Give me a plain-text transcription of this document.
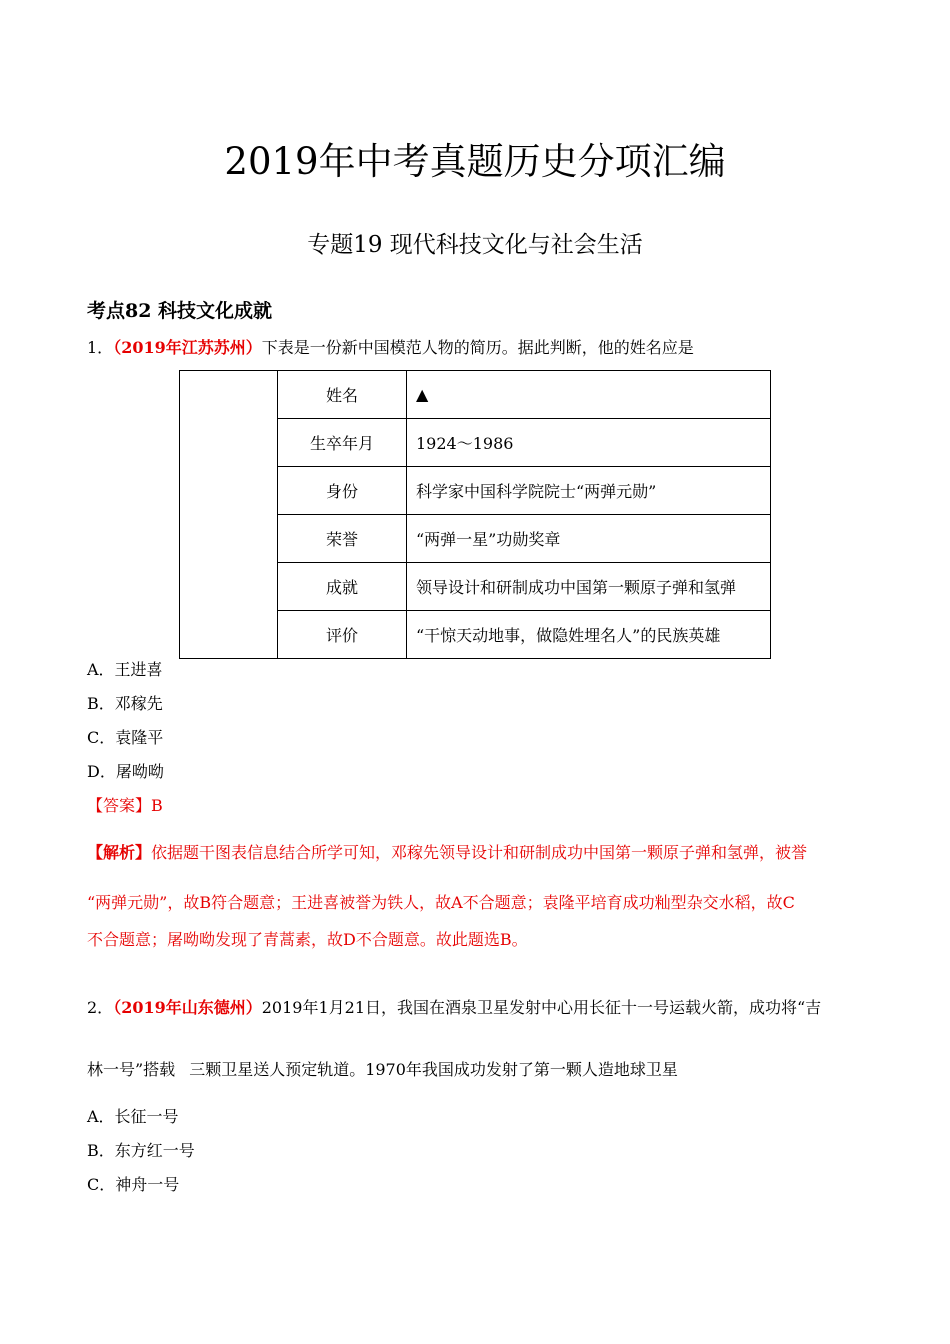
2019年中考真题历史分项汇编
专题19 现代科技文化与社会生活
考点82 科技文化成就
1．（2019年江苏苏州）下表是一份新中国模范人物的简历。据此判断，他的姓名应是
	姓名	▲
	生卒年月	1924～1986
	身份	科学家中国科学院院士“两弹元勋”
	荣誉	“两弹一星”功勋奖章
	成就	领导设计和研制成功中国第一颗原子弹和氢弹
	评价	“干惊天动地事，做隐姓埋名人”的民族英雄
A．王进喜
B．邓稼先
C．袁隆平
D．屠呦呦
【答案】B
【解析】依据题干图表信息结合所学可知，邓稼先领导设计和研制成功中国第一颗原子弹和氢弹，被誉
“两弹元勋”，故B符合题意；王进喜被誉为铁人，故A不合题意；袁隆平培育成功籼型杂交水稻，故C
不合题意；屠呦呦发现了青蒿素，故D不合题意。故此题选B。
2．（2019年山东德州）2019年1月21日，我国在酒泉卫星发射中心用长征十一号运载火箭，成功将“吉
林一号”搭载 三颗卫星送人预定轨道。1970年我国成功发射了第一颗人造地球卫星
A．长征一号
B．东方红一号
C．神舟一号
